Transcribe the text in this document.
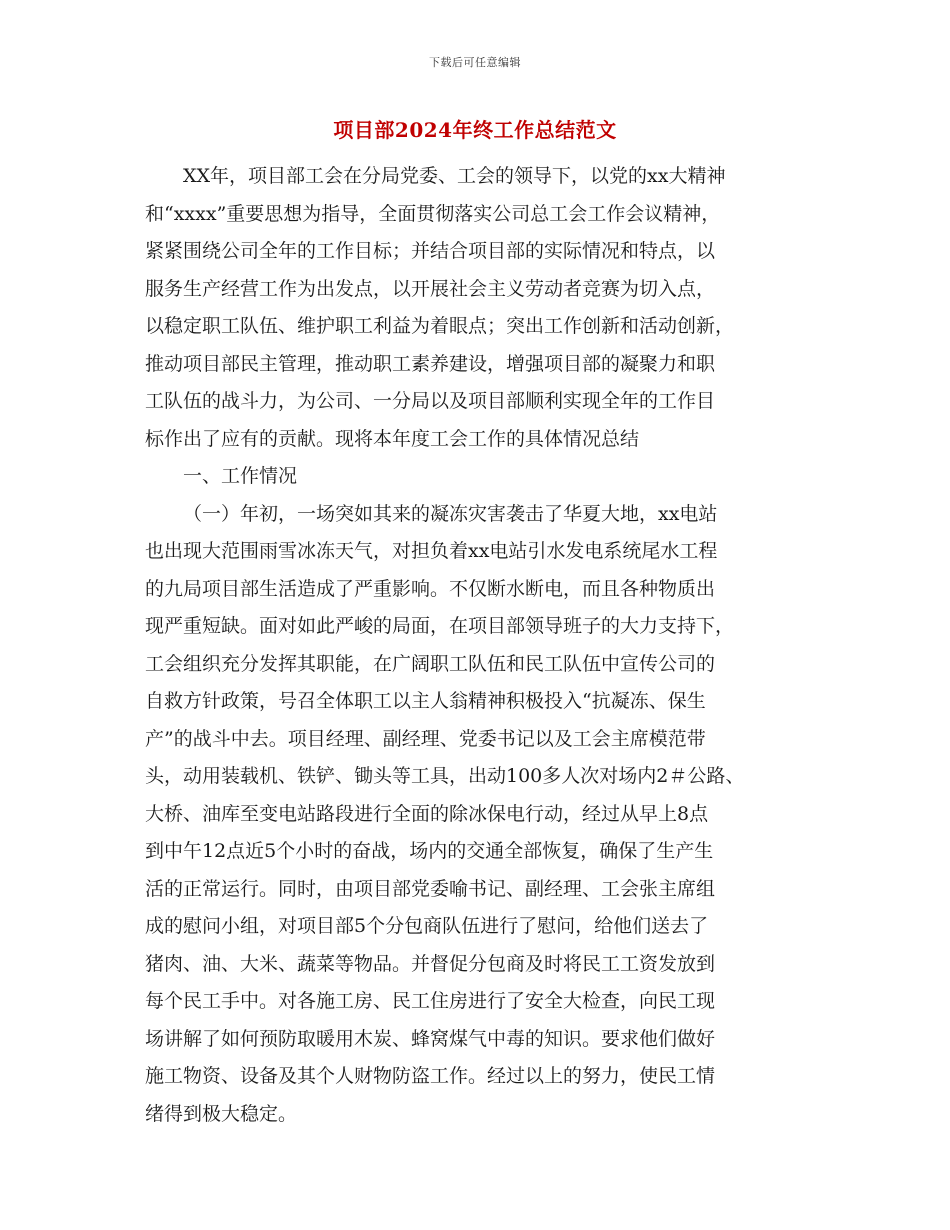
下载后可任意编辑
项目部2024年终工作总结范文
XX年，项目部工会在分局党委、工会的领导下，以党的xx大精神
和“xxxx”重要思想为指导，全面贯彻落实公司总工会工作会议精神，
紧紧围绕公司全年的工作目标；并结合项目部的实际情况和特点，以
服务生产经营工作为出发点，以开展社会主义劳动者竞赛为切入点，
以稳定职工队伍、维护职工利益为着眼点；突出工作创新和活动创新，
推动项目部民主管理，推动职工素养建设，增强项目部的凝聚力和职
工队伍的战斗力，为公司、一分局以及项目部顺利实现全年的工作目
标作出了应有的贡献。现将本年度工会工作的具体情况总结
一、工作情况
（一）年初，一场突如其来的凝冻灾害袭击了华夏大地，xx电站
也出现大范围雨雪冰冻天气，对担负着xx电站引水发电系统尾水工程
的九局项目部生活造成了严重影响。不仅断水断电，而且各种物质出
现严重短缺。面对如此严峻的局面，在项目部领导班子的大力支持下，
工会组织充分发挥其职能，在广阔职工队伍和民工队伍中宣传公司的
自救方针政策，号召全体职工以主人翁精神积极投入“抗凝冻、保生
产”的战斗中去。项目经理、副经理、党委书记以及工会主席模范带
头，动用装载机、铁铲、锄头等工具，出动100多人次对场内2＃公路、
大桥、油库至变电站路段进行全面的除冰保电行动，经过从早上8点
到中午12点近5个小时的奋战，场内的交通全部恢复，确保了生产生
活的正常运行。同时，由项目部党委喻书记、副经理、工会张主席组
成的慰问小组，对项目部5个分包商队伍进行了慰问，给他们送去了
猪肉、油、大米、蔬菜等物品。并督促分包商及时将民工工资发放到
每个民工手中。对各施工房、民工住房进行了安全大检查，向民工现
场讲解了如何预防取暖用木炭、蜂窝煤气中毒的知识。要求他们做好
施工物资、设备及其个人财物防盗工作。经过以上的努力，使民工情
绪得到极大稳定。
